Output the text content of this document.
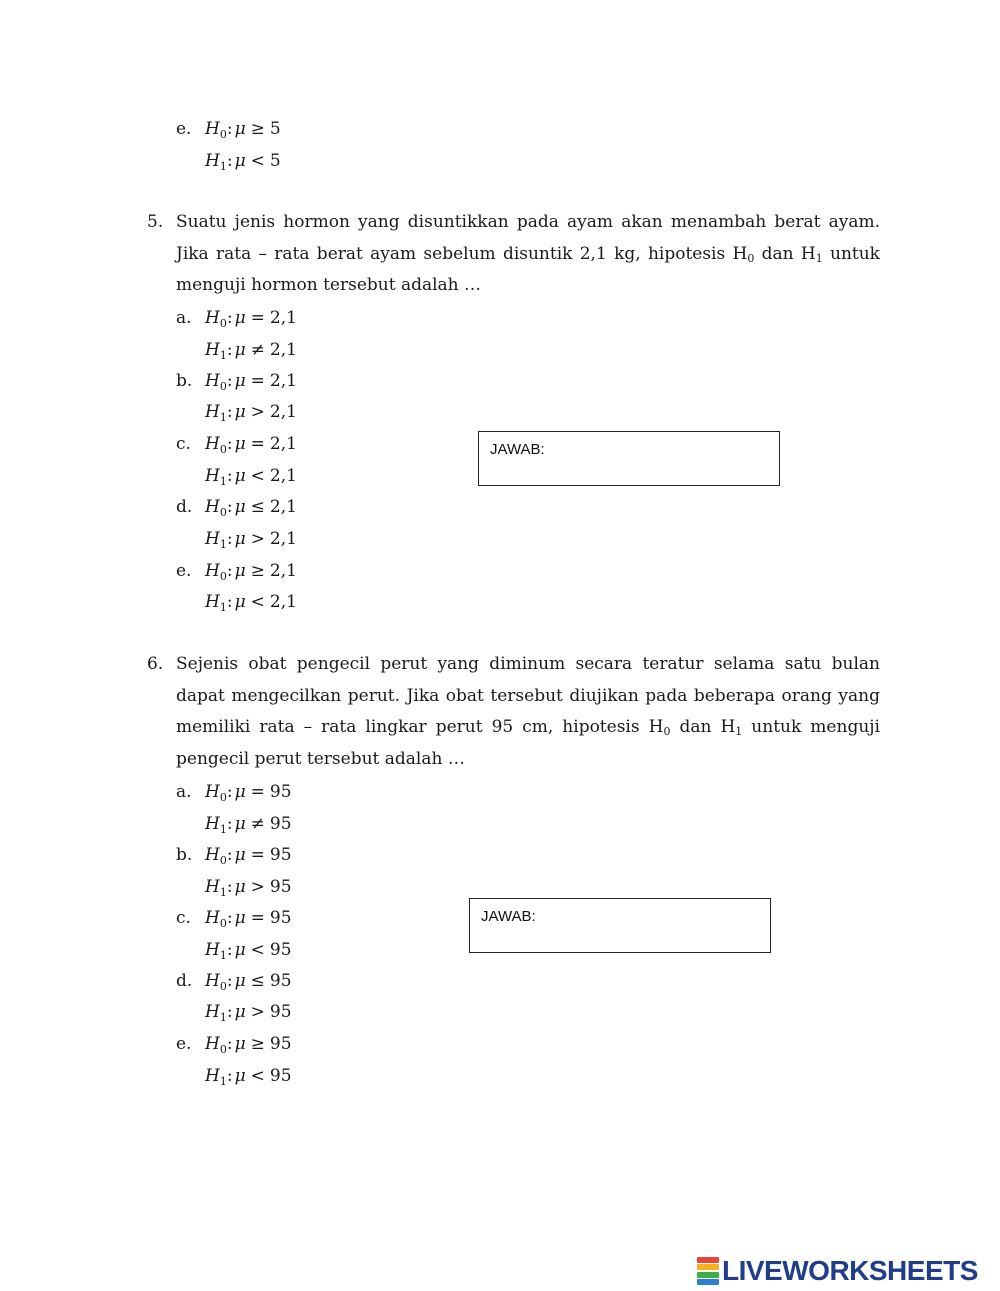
e. $H_0$: μ ≥ 5
$H_1$: μ < 5
5. Suatu jenis hormon yang disuntikkan pada ayam akan menambah berat ayam. Jika rata – rata berat ayam sebelum disuntik 2,1 kg, hipotesis $H_0$ dan $H_1$ untuk menguji hormon tersebut adalah …

a. $H_0$: μ = 2,1
$H_1$: μ ≠ 2,1
b. $H_0$: μ = 2,1
$H_1$: μ > 2,1
c. $H_0$: μ = 2,1
$H_1$: μ < 2,1
d. $H_0$: μ ≤ 2,1
$H_1$: μ > 2,1
e. $H_0$: μ ≥ 2,1
$H_1$: μ < 2,1
JAWAB:
6. Sejenis obat pengecil perut yang diminum secara teratur selama satu bulan dapat mengecilkan perut. Jika obat tersebut diujikan pada beberapa orang yang memiliki rata – rata lingkar perut 95 cm, hipotesis $H_0$ dan $H_1$ untuk menguji pengecil perut tersebut adalah …

a. $H_0$: μ = 95
$H_1$: μ ≠ 95
b. $H_0$: μ = 95
$H_1$: μ > 95
c. $H_0$: μ = 95
$H_1$: μ < 95
d. $H_0$: μ ≤ 95
$H_1$: μ > 95
e. $H_0$: μ ≥ 95
$H_1$: μ < 95
JAWAB:
LIVEWORKSHEETS
